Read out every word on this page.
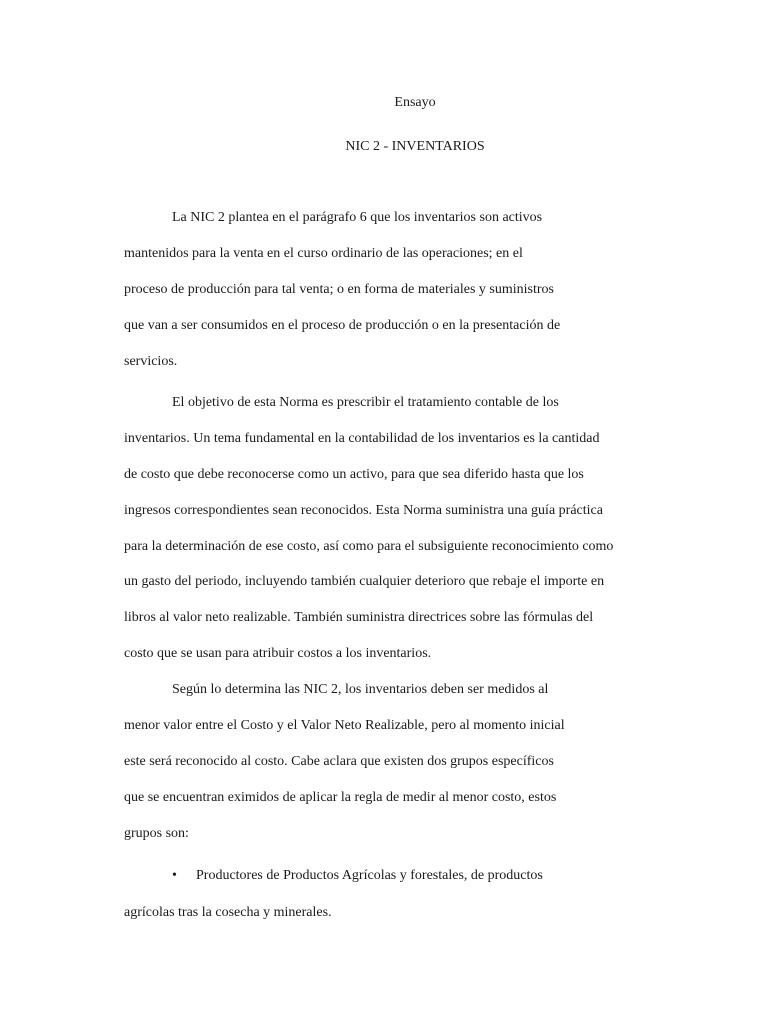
Ensayo
NIC 2 - INVENTARIOS

La NIC 2 plantea en el parágrafo 6 que los inventarios son activos

mantenidos para la venta en el curso ordinario de las operaciones; en el

proceso de producción para tal venta; o en forma de materiales y suministros

que van a ser consumidos en el proceso de producción o en la presentación de

servicios.

El objetivo de esta Norma es prescribir el tratamiento contable de los

inventarios. Un tema fundamental en la contabilidad de los inventarios es la cantidad

de costo que debe reconocerse como un activo, para que sea diferido hasta que los

ingresos correspondientes sean reconocidos. Esta Norma suministra una guía práctica

para la determinación de ese costo, así como para el subsiguiente reconocimiento como

un gasto del periodo, incluyendo también cualquier deterioro que rebaje el importe en

libros al valor neto realizable. También suministra directrices sobre las fórmulas del

costo que se usan para atribuir costos a los inventarios.

Según lo determina las NIC 2, los inventarios deben ser medidos al

menor valor entre el Costo y el Valor Neto Realizable, pero al momento inicial

este será reconocido al costo. Cabe aclara que existen dos grupos específicos

que se encuentran eximidos de aplicar la regla de medir al menor costo, estos

grupos son:

• Productores de Productos Agrícolas y forestales, de productos

agrícolas tras la cosecha y minerales.
